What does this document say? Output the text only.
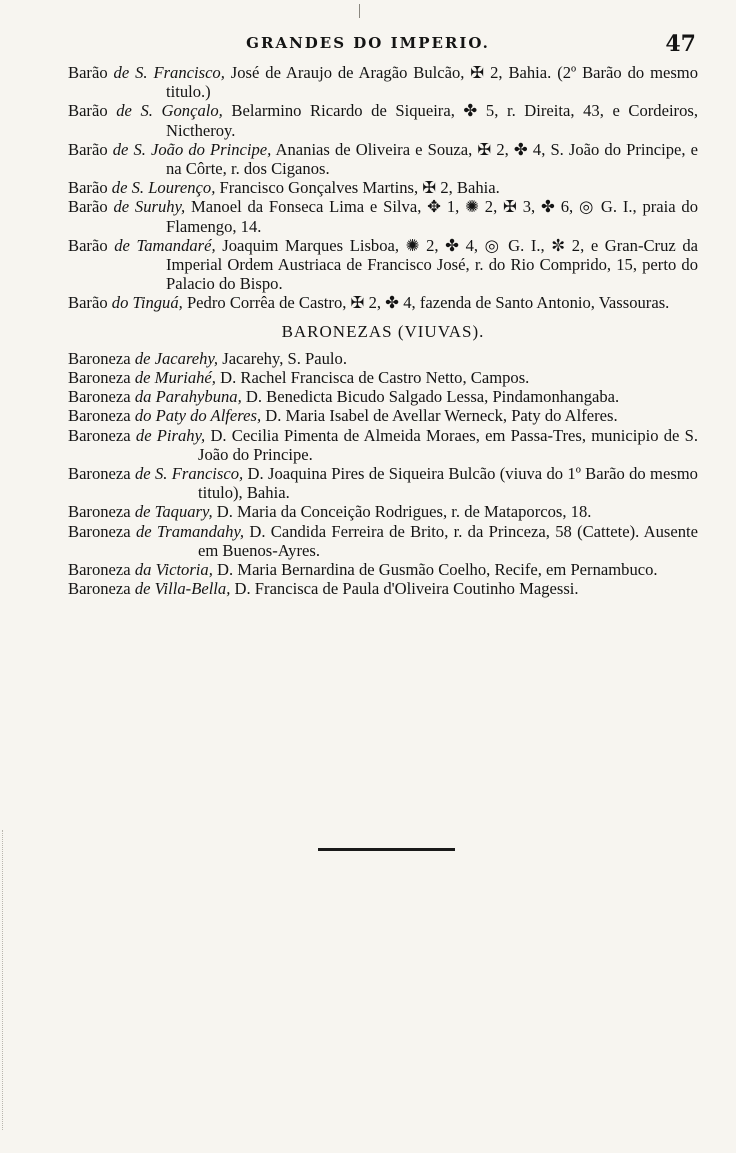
GRANDES DO IMPERIO.	47
Barão de S. Francisco, José de Araujo de Aragão Bulcão, ✠ 2, Bahia. (2º Barão do mesmo titulo.)
Barão de S. Gonçalo, Belarmino Ricardo de Siqueira, ✤ 5, r. Direita, 43, e Cordeiros, Nictheroy.
Barão de S. João do Principe, Ananias de Oliveira e Souza, ✠ 2, ✤ 4, S. João do Principe, e na Côrte, r. dos Ciganos.
Barão de S. Lourenço, Francisco Gonçalves Martins, ✠ 2, Bahia.
Barão de Suruhy, Manoel da Fonseca Lima e Silva, ✥ 1, ✺ 2, ✠ 3, ✤ 6, ◎ G. I., praia do Flamengo, 14.
Barão de Tamandaré, Joaquim Marques Lisboa, ✺ 2, ✤ 4, ◎ G. I., ✼ 2, e Gran-Cruz da Imperial Ordem Austriaca de Francisco José, r. do Rio Comprido, 15, perto do Palacio do Bispo.
Barão do Tinguá, Pedro Corrêa de Castro, ✠ 2, ✤ 4, fazenda de Santo Antonio, Vassouras.
BARONEZAS (VIUVAS).
Baroneza de Jacarehy, Jacarehy, S. Paulo.
Baroneza de Muriahé, D. Rachel Francisca de Castro Netto, Campos.
Baroneza da Parahybuna, D. Benedicta Bicudo Salgado Lessa, Pindamonhangaba.
Baroneza do Paty do Alferes, D. Maria Isabel de Avellar Werneck, Paty do Alferes.
Baroneza de Pirahy, D. Cecilia Pimenta de Almeida Moraes, em Passa-Tres, municipio de S. João do Principe.
Baroneza de S. Francisco, D. Joaquina Pires de Siqueira Bulcão (viuva do 1º Barão do mesmo titulo), Bahia.
Baroneza de Taquary, D. Maria da Conceição Rodrigues, r. de Mataporcos, 18.
Baroneza de Tramandahy, D. Candida Ferreira de Brito, r. da Princeza, 58 (Cattete). Ausente em Buenos-Ayres.
Baroneza da Victoria, D. Maria Bernardina de Gusmão Coelho, Recife, em Pernambuco.
Baroneza de Villa-Bella, D. Francisca de Paula d'Oliveira Coutinho Magessi.
